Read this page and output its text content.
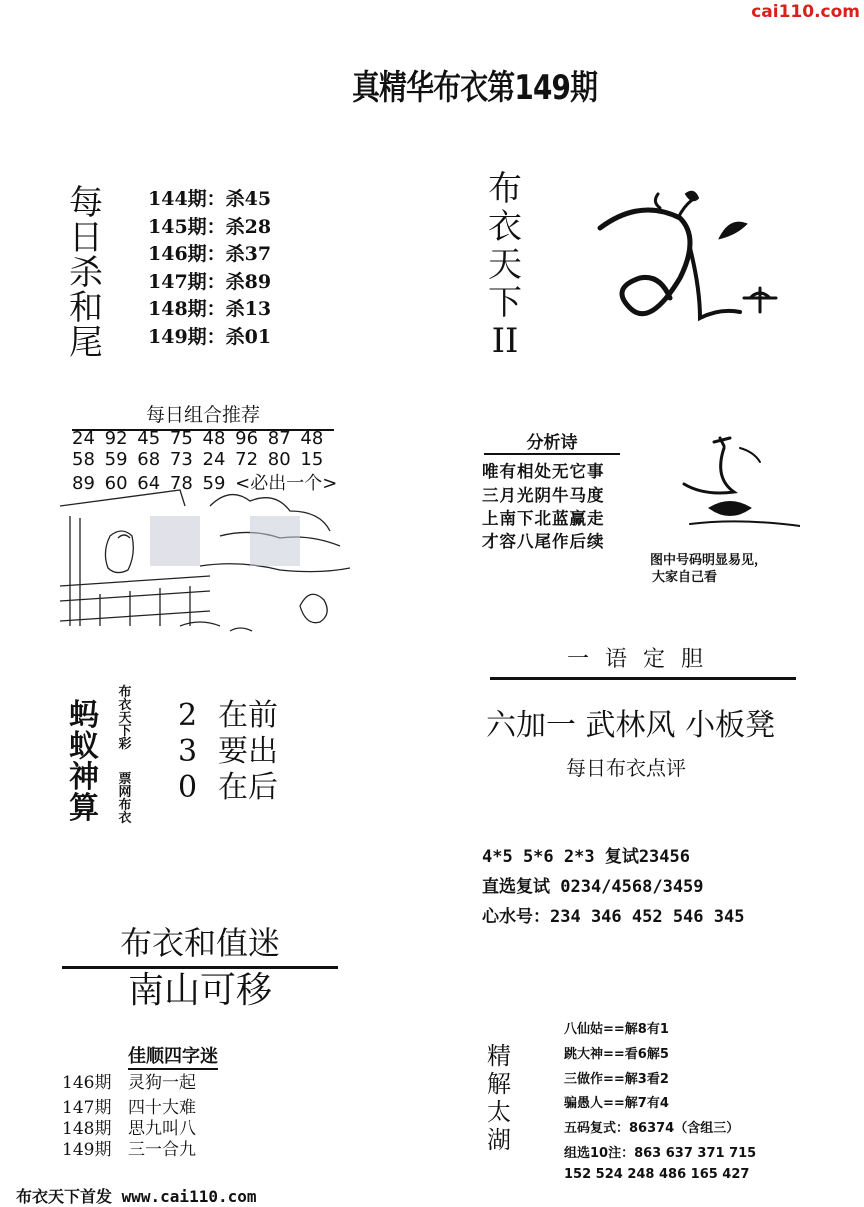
cai110.com
真精华布衣第149期
每
日
杀
和
尾
144期：杀45
145期：杀28
146期：杀37
147期：杀89
148期：杀13
149期：杀01
每日组合推荐
24 92 45 75 48 96 87 48
58 59 68 73 24 72 80 15
89 60 64 78 59 <必出一个>
蚂
蚁
神
算
布
衣
天
下
彩
票
网
布
衣
2 在前
3 要出
0 在后
布衣和值迷
南山可移
佳顺四字迷
146期 灵狗一起
147期 四十大难
148期 思九叫八
149期 三一合九
布衣天下首发 www.cai110.com
布
衣
天
下
II
分析诗
唯有相处无它事
三月光阴牛马度
上南下北蓝赢走
才容八尾作后续
图中号码明显易见，
大家自己看
一语定胆
六加一 武林风 小板凳
每日布衣点评
4*5 5*6 2*3 复试23456
直选复试 0234/4568/3459
心水号：234 346 452 546 345
精
解
太
湖
八仙姑==解8有1
跳大神==看6解5
三做作==解3看2
骗愚人==解7有4
五码复式：86374（含组三）
组选10注：863 637 371 715
152 524 248 486 165 427
